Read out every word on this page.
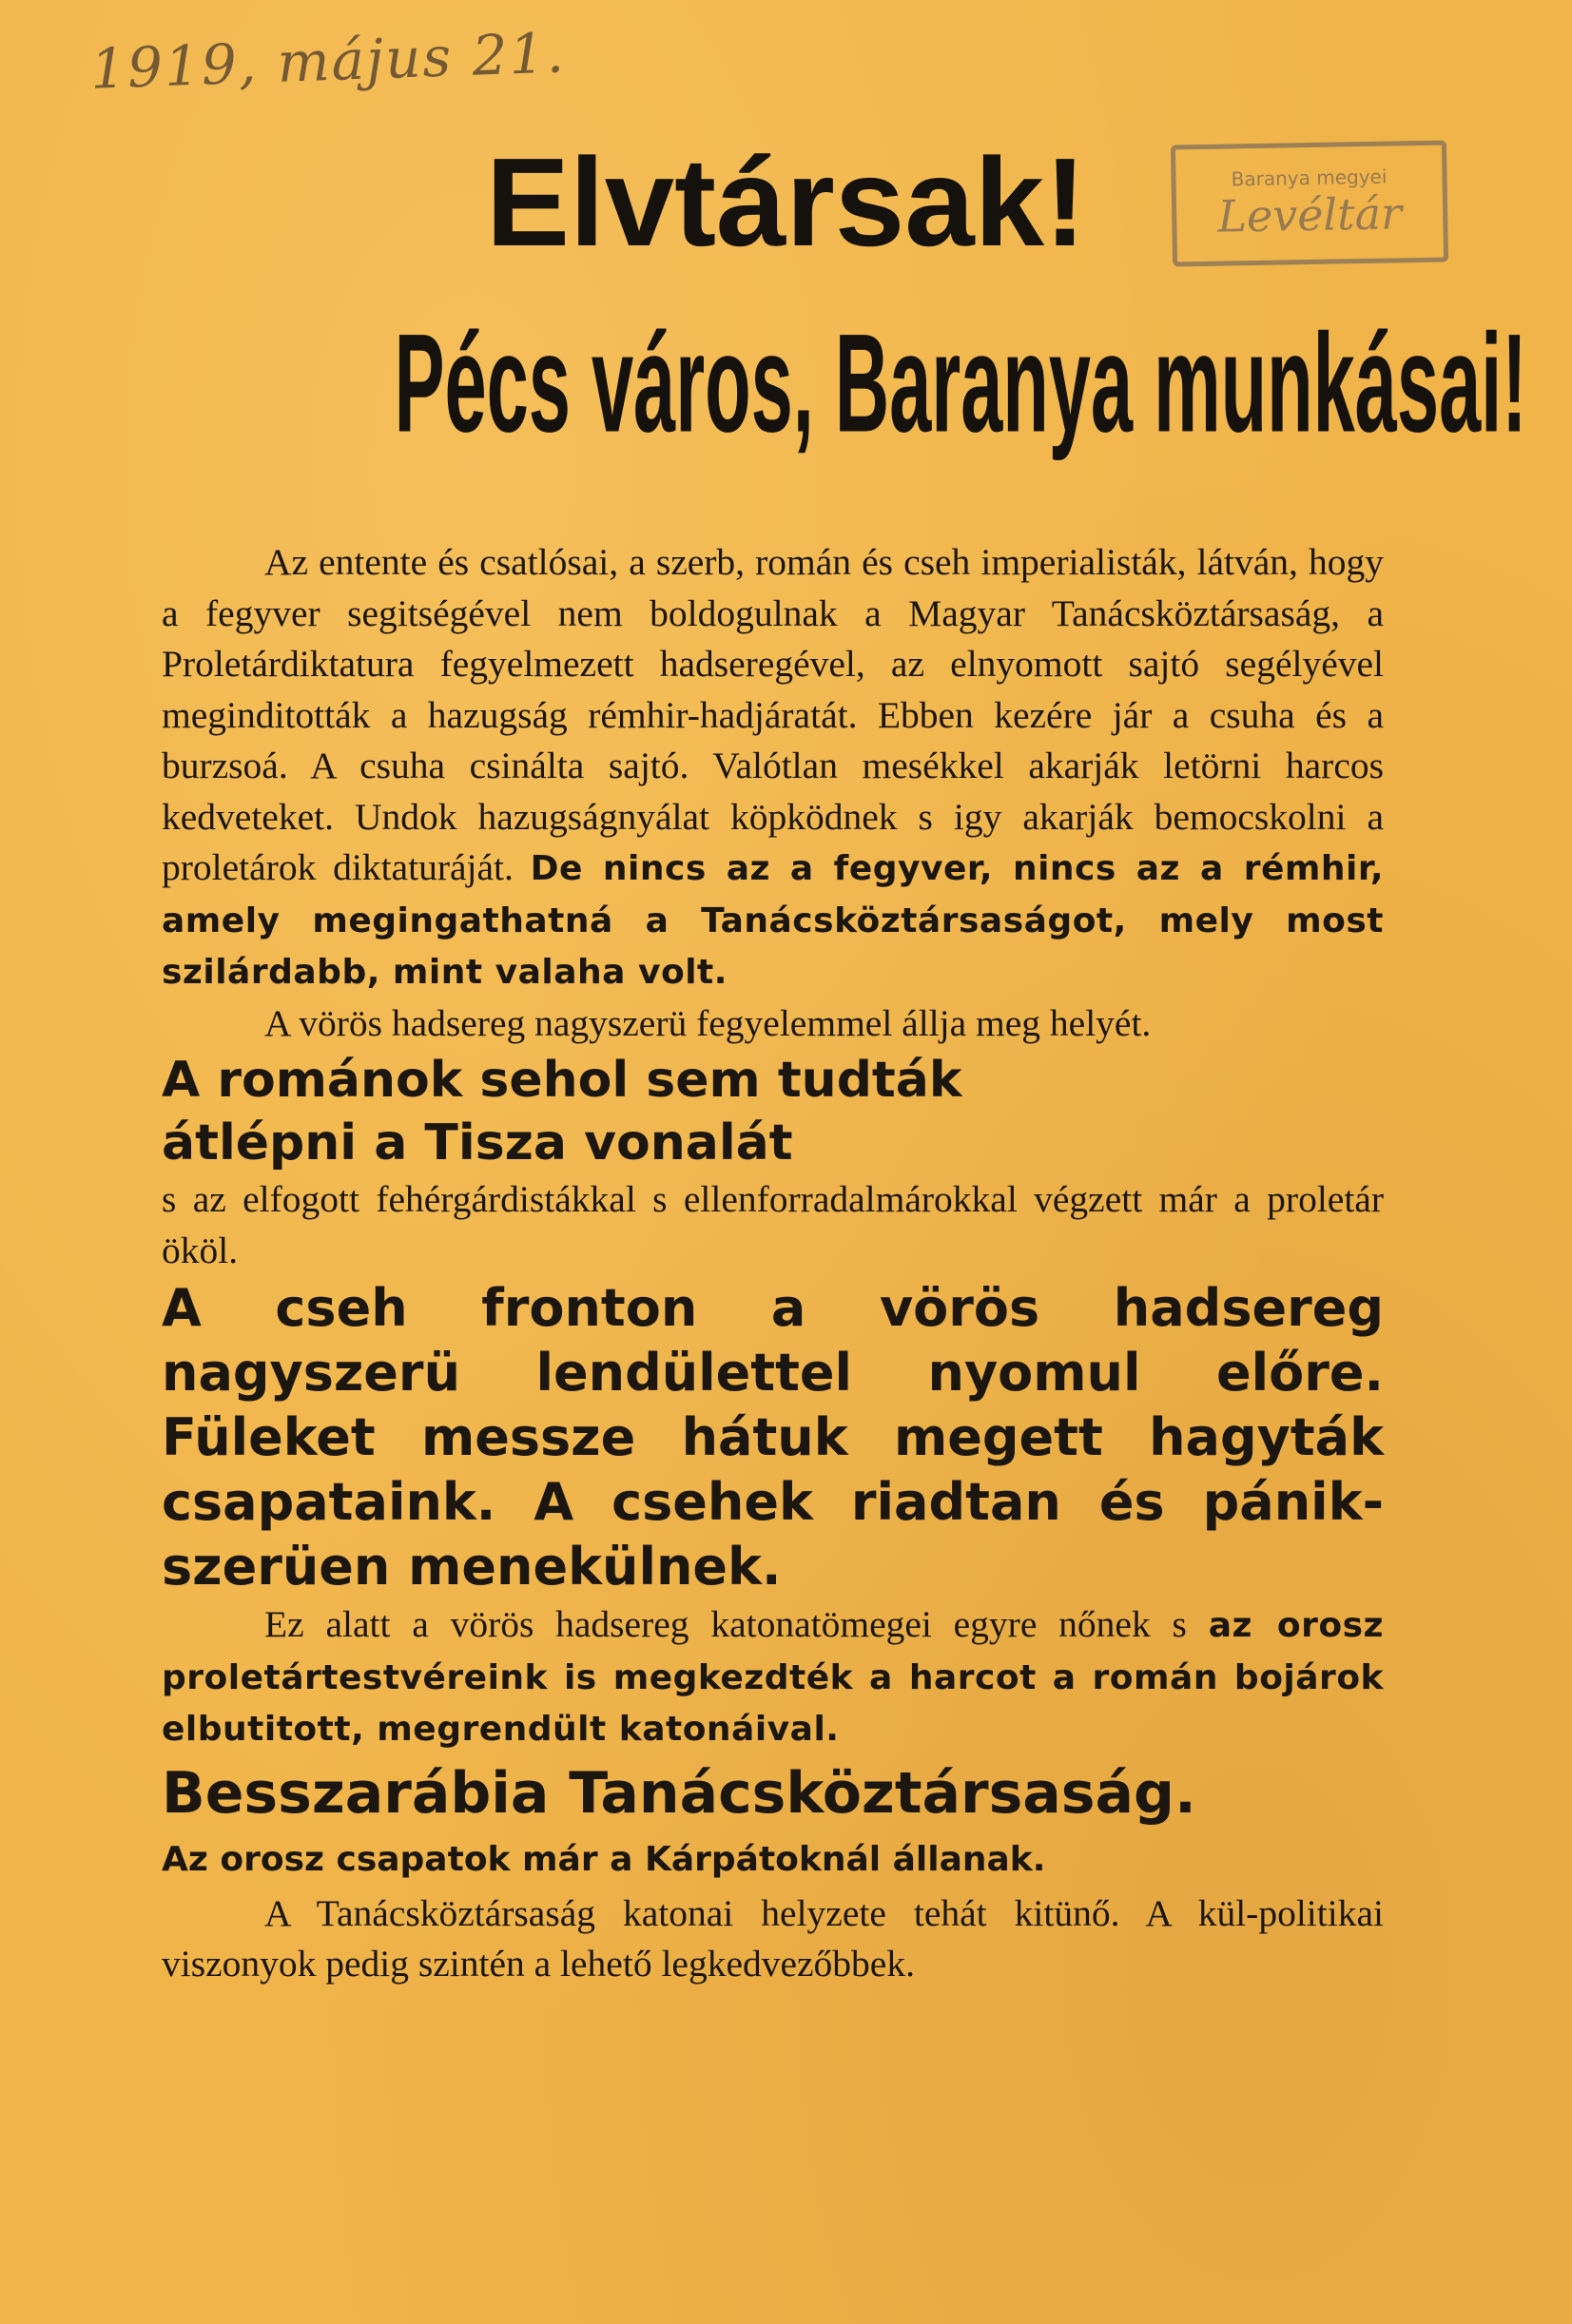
1919, május 21.
Baranya megyei
Levéltár
Elvtársak!
Pécs város, Baranya munkásai!

Az entente és csatlósai, a szerb, román és cseh imperialisták, látván, hogy a fegyver segitségével nem boldogulnak a Magyar Tanácsköztársaság, a Proletárdiktatura fegyelmezett hadseregével, az elnyomott sajtó segélyével meginditották a hazugság rémhir-hadjáratát. Ebben kezére jár a csuha és a burzsoá. A csuha csinálta sajtó. Valótlan mesékkel akarják letörni harcos kedveteket. Undok hazugságnyálat köpködnek s igy akarják bemocskolni a proletárok diktaturáját. De nincs az a fegyver, nincs az a rémhir, amely megingathatná a Tanácsköztársaságot, mely most szilárdabb, mint valaha volt.

A vörös hadsereg nagyszerü fegyelemmel állja meg helyét.

A románok sehol sem tudták
átlépni a Tisza vonalát

s az elfogott fehérgárdistákkal s ellenforradalmárokkal végzett már a proletár ököl.

A cseh fronton a vörös hadsereg nagyszerü lendülettel nyomul előre. Füleket messze hátuk megett hagyták csapataink. A csehek riadtan és pánik-szerüen menekülnek.

Ez alatt a vörös hadsereg katonatömegei egyre nőnek s az orosz proletártestvéreink is megkezdték a harcot a román bojárok elbutitott, megrendült katonáival.

Besszarábia Tanácsköztársaság.

Az orosz csapatok már a Kárpátoknál állanak.

A Tanácsköztársaság katonai helyzete tehát kitünő. A kül-politikai viszonyok pedig szintén a lehető legkedvezőbbek.
